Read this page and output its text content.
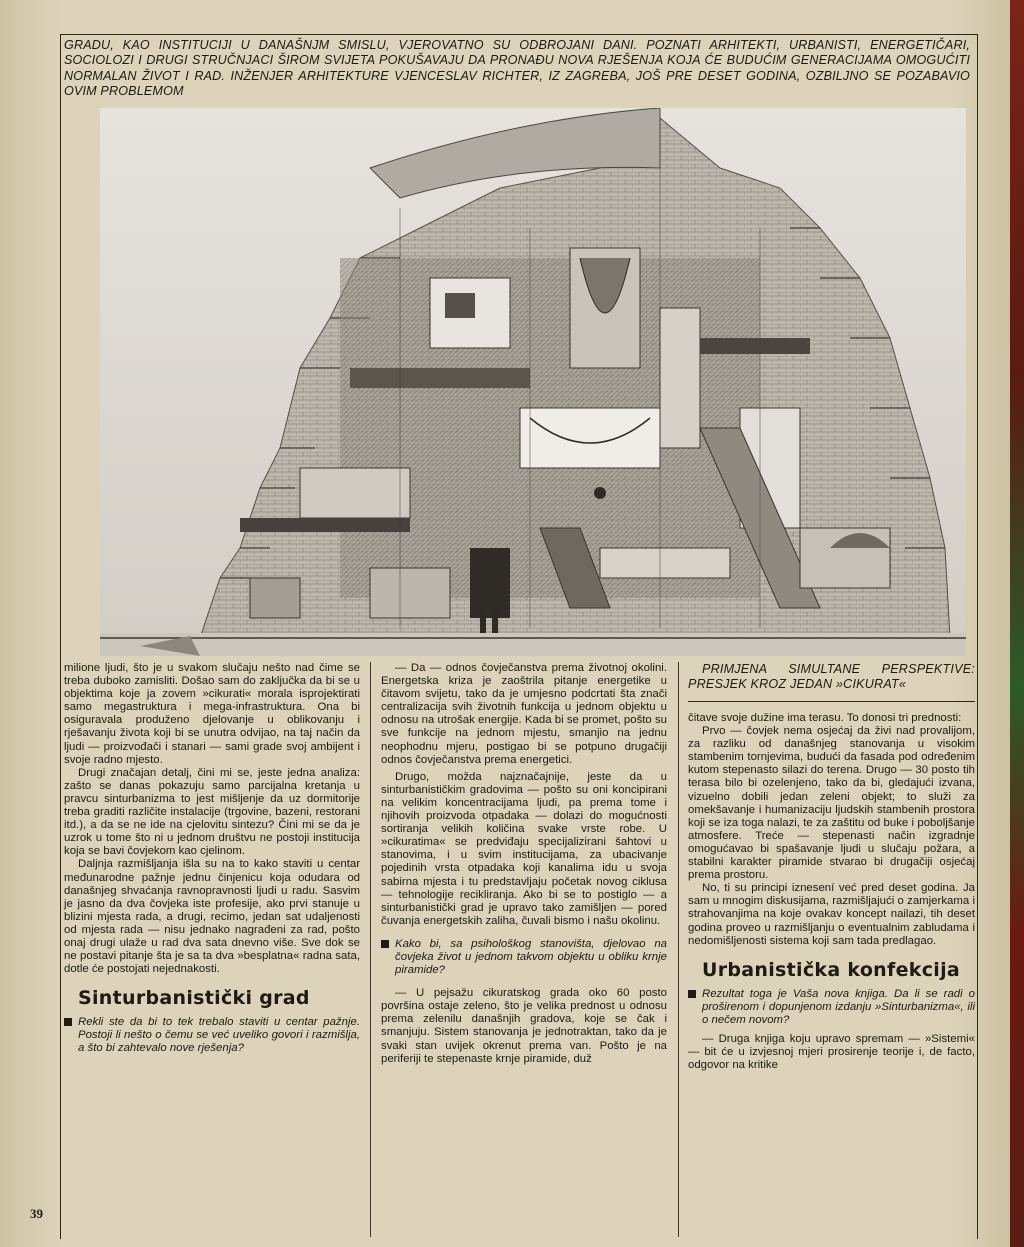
GRADU, KAO INSTITUCIJI U DANAŠNJM SMISLU, VJEROVATNO SU ODBROJANI DANI. POZNATI ARHITEKTI, URBANISTI, ENERGETIČARI, SOCIOLOZI I DRUGI STRUČNJACI ŠIROM SVIJETA POKUŠAVAJU DA PRONAĐU NOVA RJEŠENJA KOJA ĆE BUDUĆIM GENERACIJAMA OMOGUĆITI NORMALAN ŽIVOT I RAD. INŽENJER ARHITEKTURE VJENCESLAV RICHTER, IZ ZAGREBA, JOŠ PRE DESET GODINA, OZBILJNO SE POZABAVIO OVIM PROBLEMOM

milione ljudi, što je u svakom slučaju nešto nad čime se treba duboko zamisliti. Došao sam do zaključka da bi se u objektima koje ja zovem »cikurati« morala isprojektirati samo megastruktura i mega-infrastruktura. Ona bi osiguravala produženo djelovanje u oblikovanju i rješavanju života koji bi se unutra odvijao, na taj način da ljudi — proizvođači i stanari — sami grade svoj ambijent i svoje radno mjesto.

Drugi značajan detalj, čini mi se, jeste jedna analiza: zašto se danas pokazuju samo parcijalna kretanja u pravcu sinturbanizma to jest mišljenje da uz dormitorije treba graditi različite instalacije (trgovine, bazeni, restorani itd.), a da se ne ide na cjelovitu sintezu? Čini mi se da je uzrok u tome što ni u jednom društvu ne postoji institucija koja se bavi čovjekom kao cjelinom.

Daljnja razmišljanja išla su na to kako staviti u centar međunarodne pažnje jednu činjenicu koja odudara od današnjeg shvaćanja ravnopravnosti ljudi u radu. Sasvim je jasno da dva čovjeka iste profesije, ako prvi stanuje u blizini mjesta rada, a drugi, recimo, jedan sat udaljenosti od mjesta rada — nisu jednako nagrađeni za rad, pošto onaj drugi ulaže u rad dva sata dnevno više. Sve dok se ne postavi pitanje šta je sa ta dva »besplatna« radna sata, dotle će postojati nejednakosti.

Sinturbanistički grad

Rekli ste da bi to tek trebalo staviti u centar pažnje. Postoji li nešto o čemu se već uveliko govori i razmišlja, a što bi zahtevalo nove rješenja?

— Da — odnos čovječanstva prema životnoj okolini. Energetska kriza je zaoštrila pitanje energetike u čitavom svijetu, tako da je umjesno podcrtati šta znači centralizacija svih životnih funkcija u jednom objektu u odnosu na utrošak energije. Kada bi se promet, pošto su sve funkcije na jednom mjestu, smanjio na jednu neophodnu mjeru, postigao bi se potpuno drugačiji odnos čovječanstva prema energetici.

Drugo, možda najznačajnije, jeste da u sinturbanističkim gradovima — pošto su oni koncipirani na velikim koncentracijama ljudi, pa prema tome i njihovih proizvoda otpadaka — dolazi do mogućnosti sortiranja velikih količina svake vrste robe. U »cikuratima« se predviđaju specijalizirani šahtovi u stanovima, i u svim institucijama, za ubacivanje pojedinih vrsta otpadaka koji kanalima idu u svoja sabirna mjesta i tu predstavljaju početak novog ciklusa — tehnologije recikliranja. Ako bi se to postiglo — a sinturbanistički grad je upravo tako zamišljen — pored čuvanja energetskih zaliha, čuvali bismo i našu okolinu.

Kako bi, sa psihološkog stanovišta, djelovao na čovjeka život u jednom takvom objektu u obliku krnje piramide?

— U pejsažu cikuratskog grada oko 60 posto površina ostaje zeleno, što je velika prednost u odnosu prema zelenilu današnjih gradova, koje se čak i smanjuju. Sistem stanovanja je jednotraktan, tako da je svaki stan uvijek okrenut prema van. Pošto je na periferiji te stepenaste krnje piramide, duž

PRIMJENA SIMULTANE PERSPEKTIVE: PRESJEK KROZ JEDAN »CIKURAT«

čitave svoje dužine ima terasu. To donosi tri prednosti:

Prvo — čovjek nema osjećaj da živi nad provalijom, za razliku od današnjeg stanovanja u visokim stambenim tornjevima, budući da fasada pod određenim kutom stepenasto silazi do terena. Drugo — 30 posto tih terasa bilo bi ozelenjeno, tako da bi, gledajući izvana, vizuelno dobili jedan zeleni objekt; to služi za omekšavanje i humanizaciju ljudskih stambenih prostora koji se iza toga nalazi, te za zaštitu od buke i poboljšanje atmosfere. Treće — stepenasti način izgradnje omogućavao bi spašavanje ljudi u slučaju požara, a stabilni karakter piramide stvarao bi drugačiji osjećaj prema prostoru.

No, ti su principi iznesení već pred deset godina. Ja sam u mnogim diskusijama, razmišljajući o zamjerkama i strahovanjima na koje ovakav koncept nailazi, tih deset godina proveo u razmišljanju o eventualnim zabludama i nedomišljenosti sistema koji sam tada predlagao.

Urbanistička konfekcija

Rezultat toga je Vaša nova knjiga. Da li se radi o proširenom i dopunjenom izdanju »Sinturbanizma«, ili o nečem novom?

— Druga knjiga koju upravo spremam — »Sistemi« — bit će u izvjesnoj mjeri prosirenje teorije i, de facto, odgovor na kritike

39
